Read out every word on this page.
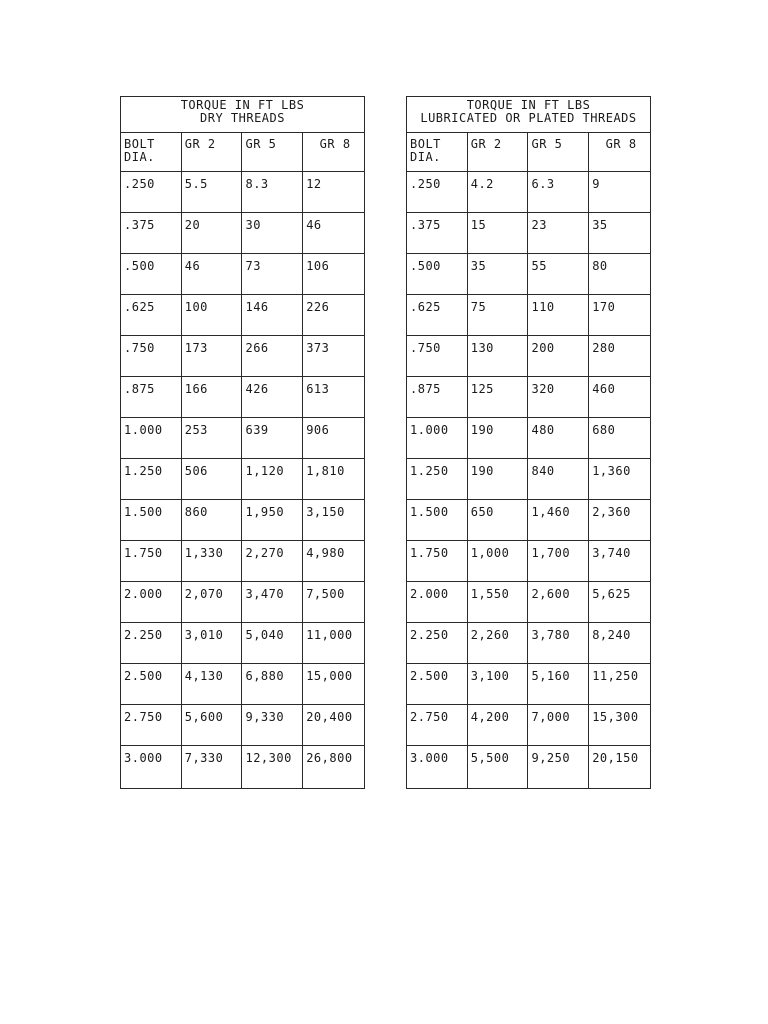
TORQUE IN FT LBS
DRY THREADS			

BOLT DIA.	GR 2	GR 5	GR 8
.250	5.5	8.3	12
.375	20	30	46
.500	46	73	106
.625	100	146	226
.750	173	266	373
.875	166	426	613
1.000	253	639	906
1.250	506	1,120	1,810
1.500	860	1,950	3,150
1.750	1,330	2,270	4,980
2.000	2,070	3,470	7,500
2.250	3,010	5,040	11,000
2.500	4,130	6,880	15,000
2.750	5,600	9,330	20,400
3.000	7,330	12,300	26,800
TORQUE IN FT LBS
LUBRICATED OR PLATED THREADS			

BOLT DIA.	GR 2	GR 5	GR 8
.250	4.2	6.3	9
.375	15	23	35
.500	35	55	80
.625	75	110	170
.750	130	200	280
.875	125	320	460
1.000	190	480	680
1.250	190	840	1,360
1.500	650	1,460	2,360
1.750	1,000	1,700	3,740
2.000	1,550	2,600	5,625
2.250	2,260	3,780	8,240
2.500	3,100	5,160	11,250
2.750	4,200	7,000	15,300
3.000	5,500	9,250	20,150
